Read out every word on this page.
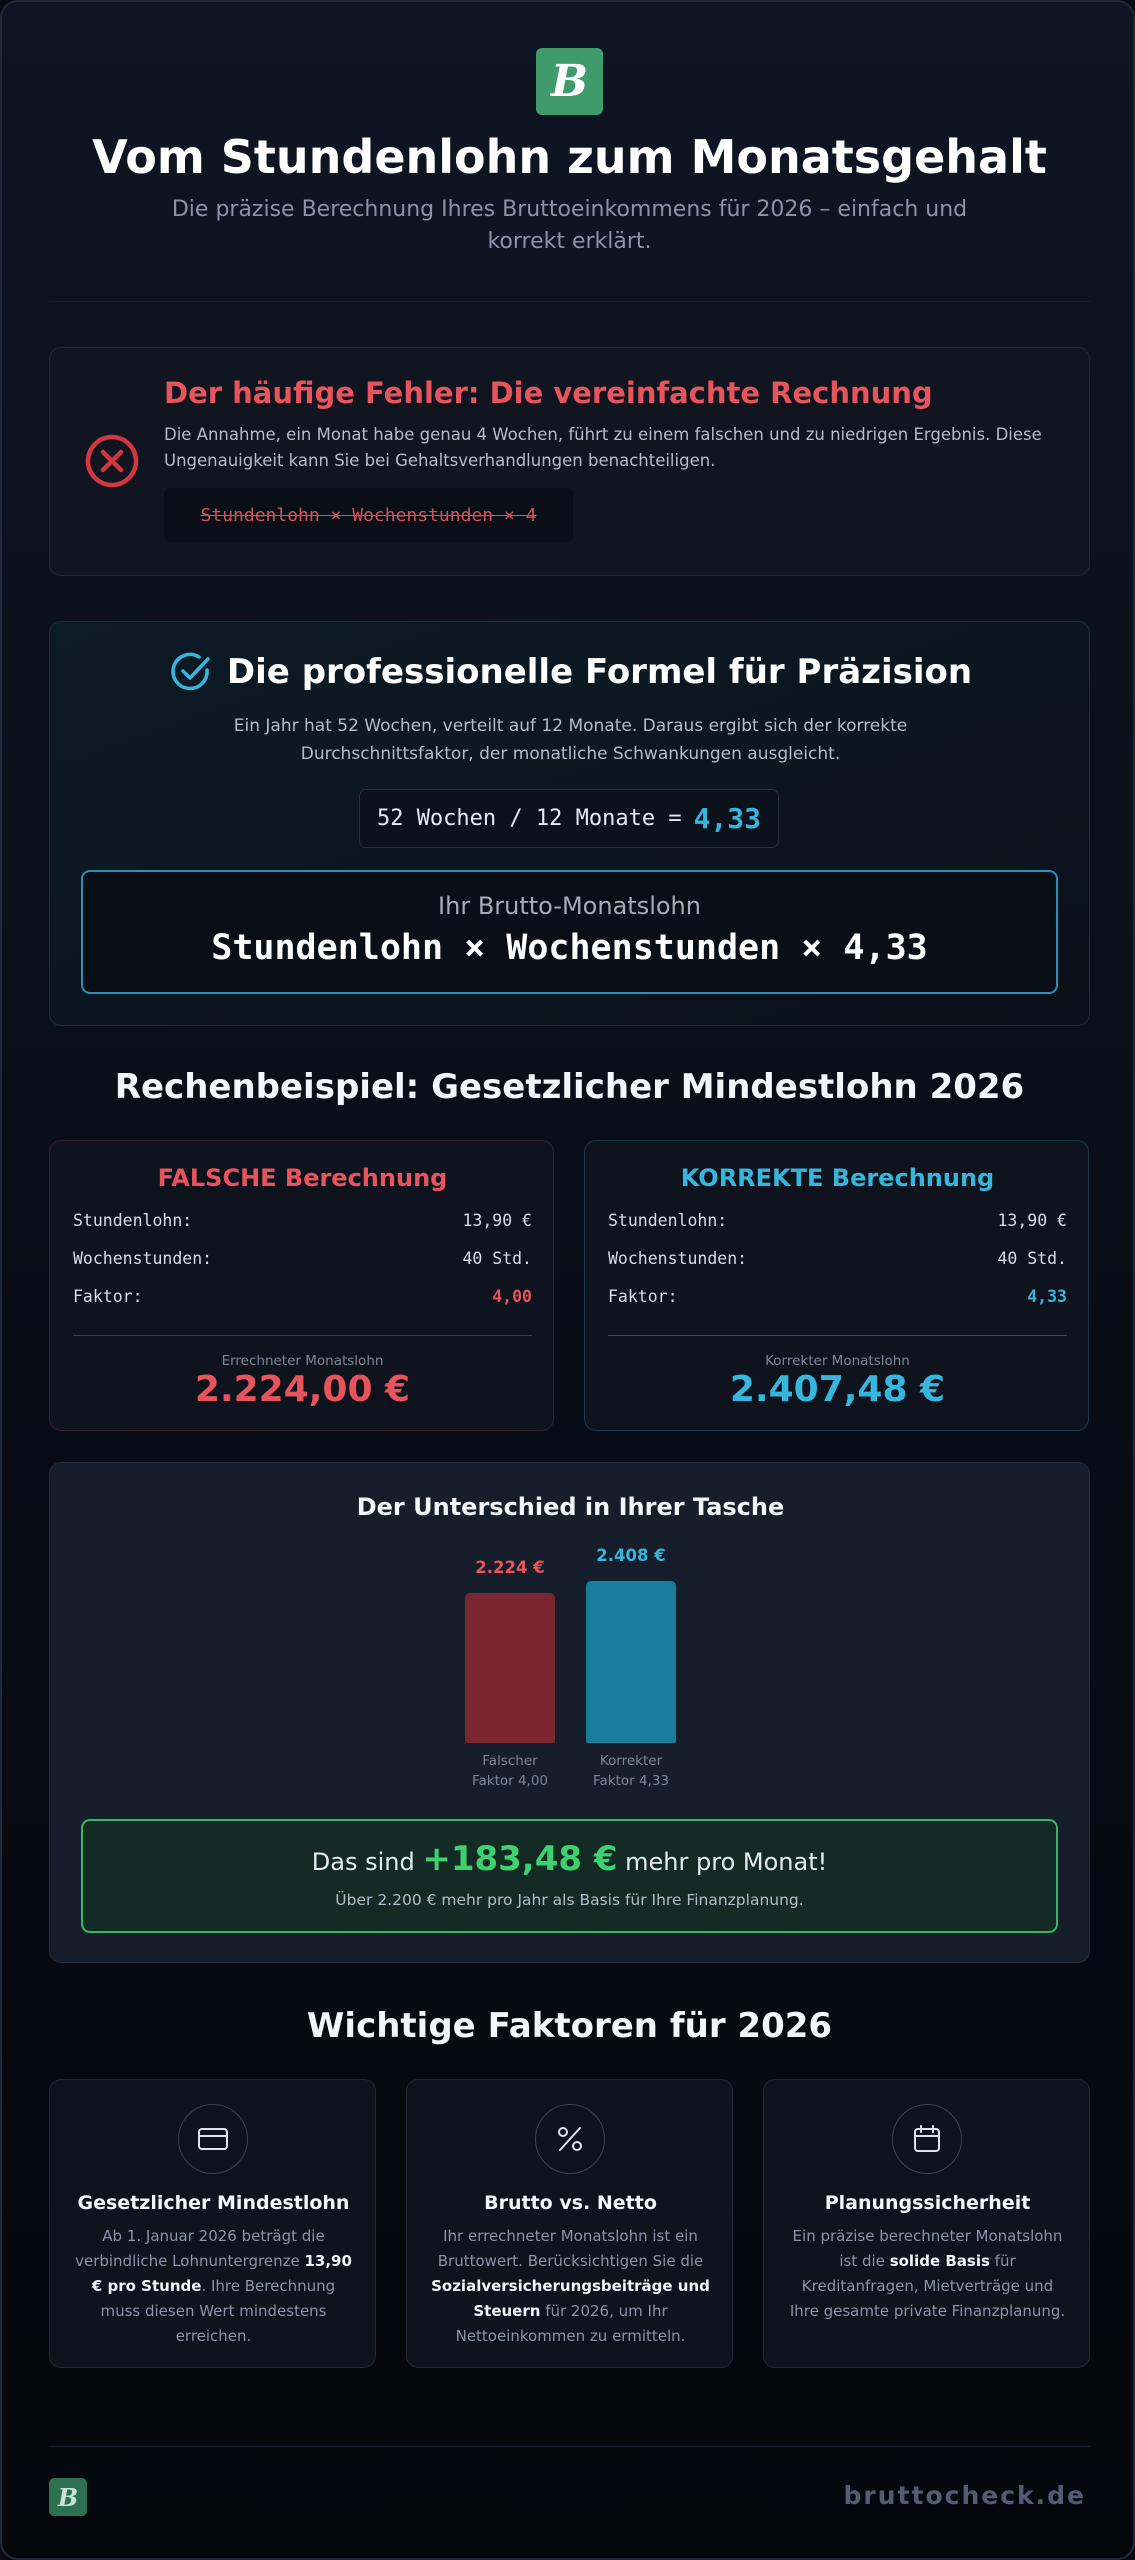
B
Vom Stundenlohn zum Monatsgehalt

Die präzise Berechnung Ihres Bruttoeinkommens für 2026 – einfach und korrekt erklärt.

Der häufige Fehler: Die vereinfachte Rechnung
Die Annahme, ein Monat habe genau 4 Wochen, führt zu einem falschen und zu niedrigen Ergebnis. Diese Ungenauigkeit kann Sie bei Gehaltsverhandlungen benachteiligen.
Stundenlohn × Wochenstunden × 4
Die professionelle Formel für Präzision
Ein Jahr hat 52 Wochen, verteilt auf 12 Monate. Daraus ergibt sich der korrekte Durchschnittsfaktor, der monatliche Schwankungen ausgleicht.
52 Wochen / 12 Monate = 4,33
Ihr Brutto-Monatslohn
Stundenlohn × Wochenstunden × 4,33
Rechenbeispiel: Gesetzlicher Mindestlohn 2026
FALSCHE Berechnung
Stundenlohn:	13,90 €
Wochenstunden:	40 Std.
Faktor:	4,00
Errechneter Monatslohn
2.224,00 €
KORREKTE Berechnung
Stundenlohn:	13,90 €
Wochenstunden:	40 Std.
Faktor:	4,33
Korrekter Monatslohn
2.407,48 €
Der Unterschied in Ihrer Tasche
2.224 €
Falscher
Faktor 4,00
2.408 €
Korrekter
Faktor 4,33
Das sind +183,48 € mehr pro Monat!
Über 2.200 € mehr pro Jahr als Basis für Ihre Finanzplanung.
Wichtige Faktoren für 2026
Gesetzlicher Mindestlohn
Ab 1. Januar 2026 beträgt die verbindliche Lohnuntergrenze 13,90 € pro Stunde. Ihre Berechnung muss diesen Wert mindestens erreichen.
Brutto vs. Netto
Ihr errechneter Monatslohn ist ein Bruttowert. Berücksichtigen Sie die Sozialversicherungsbeiträge und Steuern für 2026, um Ihr Nettoeinkommen zu ermitteln.
Planungssicherheit
Ein präzise berechneter Monatslohn ist die solide Basis für Kreditanfragen, Mietverträge und Ihre gesamte private Finanzplanung.
B	bruttocheck.de
